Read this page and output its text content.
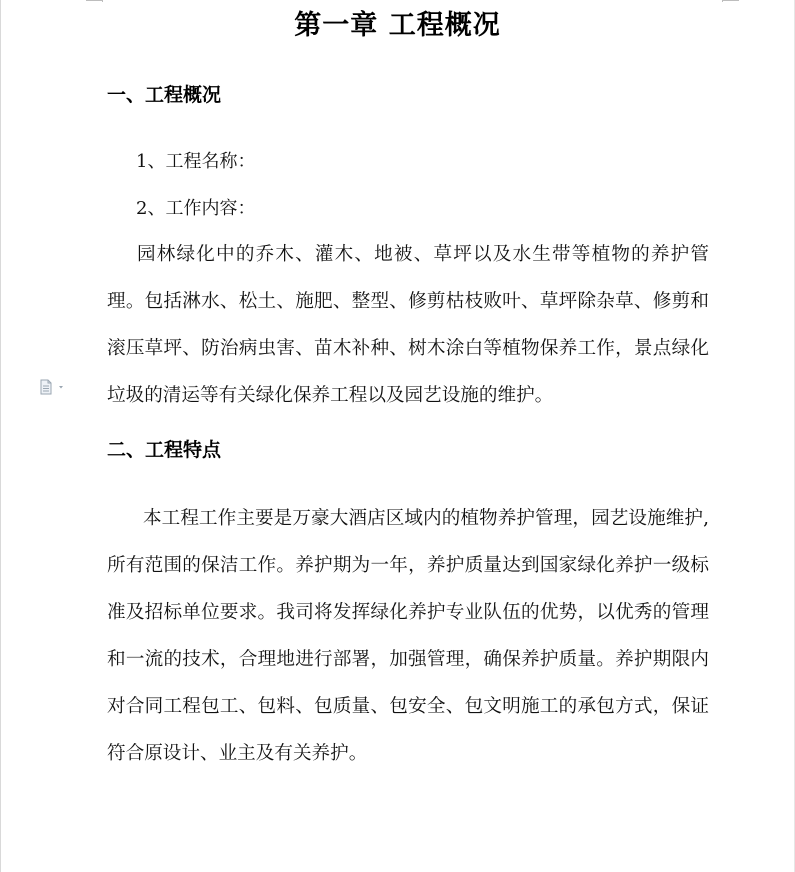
第一章 工程概况
一、工程概况
1、工程名称：
2、工作内容：

园林绿化中的乔木、灌木、地被、草坪以及水生带等植物的养护管理。包括淋水、松土、施肥、整型、修剪枯枝败叶、草坪除杂草、修剪和滚压草坪、防治病虫害、苗木补种、树木涂白等植物保养工作，景点绿化垃圾的清运等有关绿化保养工程以及园艺设施的维护。

二、工程特点

本工程工作主要是万豪大酒店区域内的植物养护管理，园艺设施维护,所有范围的保洁工作。养护期为一年，养护质量达到国家绿化养护一级标准及招标单位要求。我司将发挥绿化养护专业队伍的优势，以优秀的管理和一流的技术，合理地进行部署，加强管理，确保养护质量。养护期限内对合同工程包工、包料、包质量、包安全、包文明施工的承包方式，保证符合原设计、业主及有关养护。
